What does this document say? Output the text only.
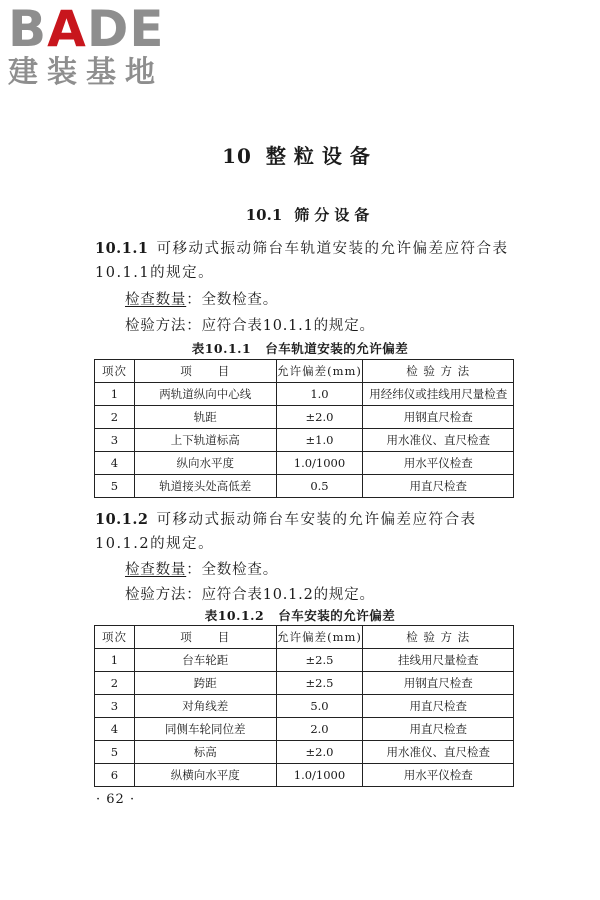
BADE
建装基地
10 整粒设备
10.1 筛分设备
10.1.1 可移动式振动筛台车轨道安装的允许偏差应符合表10.1.1的规定。
检查数量：全数检查。
检验方法：应符合表10.1.1的规定。
表10.1.1 台车轨道安装的允许偏差
项次	项　　目	允许偏差(mm)	检 验 方 法
1	两轨道纵向中心线	1.0	用经纬仪或挂线用尺量检查
2	轨距	±2.0	用钢直尺检查
3	上下轨道标高	±1.0	用水准仪、直尺检查
4	纵向水平度	1.0/1000	用水平仪检查
5	轨道接头处高低差	0.5	用直尺检查
10.1.2 可移动式振动筛台车安装的允许偏差应符合表10.1.2的规定。
检查数量：全数检查。
检验方法：应符合表10.1.2的规定。
表10.1.2 台车安装的允许偏差
项次	项　　目	允许偏差(mm)	检 验 方 法
1	台车轮距	±2.5	挂线用尺量检查
2	跨距	±2.5	用钢直尺检查
3	对角线差	5.0	用直尺检查
4	同侧车轮同位差	2.0	用直尺检查
5	标高	±2.0	用水准仪、直尺检查
6	纵横向水平度	1.0/1000	用水平仪检查
· 62 ·
